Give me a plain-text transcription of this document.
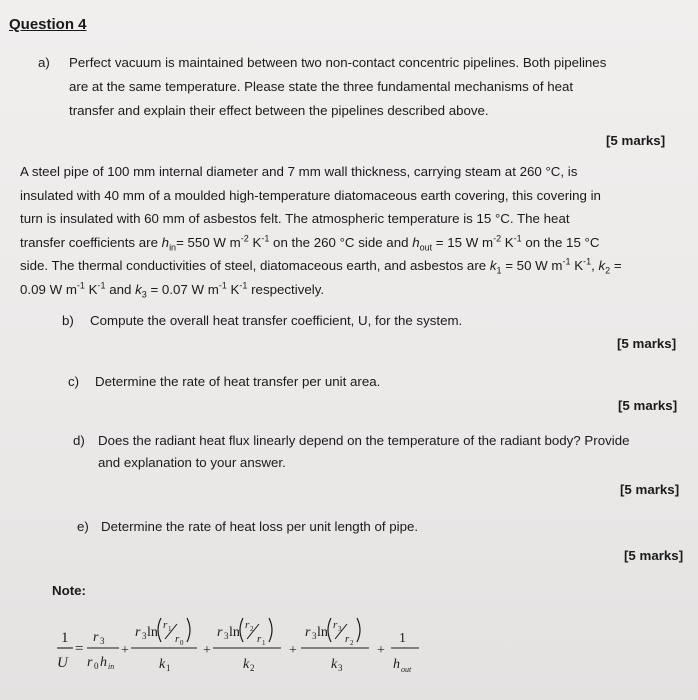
Question 4
a) Perfect vacuum is maintained between two non-contact concentric pipelines. Both pipelines
are at the same temperature. Please state the three fundamental mechanisms of heat
transfer and explain their effect between the pipelines described above.
[5 marks]
A steel pipe of 100 mm internal diameter and 7 mm wall thickness, carrying steam at 260 °C, is
insulated with 40 mm of a moulded high-temperature diatomaceous earth covering, this covering in
turn is insulated with 60 mm of asbestos felt. The atmospheric temperature is 15 °C. The heat
transfer coefficients are $h_{in}= 550$ W $m^{-2}$ $K^{-1}$ on the 260 °C side and $h_{out} = 15$ W $m^{-2}$ $K^{-1}$ on the 15 °C
side. The thermal conductivities of steel, diatomaceous earth, and asbestos are $k_1 = 50$ W $m^{-1}$ $K^{-1}$, $k_2$ =
0.09 W $m^{-1}$ $K^{-1}$ and $k_3 = 0.07$ W $m^{-1}$ $K^{-1}$ respectively.
b) Compute the overall heat transfer coefficient, U, for the system.
[5 marks]
c) Determine the rate of heat transfer per unit area.
[5 marks]
d) Does the radiant heat flux linearly depend on the temperature of the radiant body? Provide
and explanation to your answer.
[5 marks]
e) Determine the rate of heat loss per unit length of pipe.
[5 marks]
Note:
1
U
=
r 3
r 0 h in
+
r 3 ln r 1
r 0
k 1
+
r 3 ln r 2
r 1
k 2
+
r 3 ln r 3
r 2
k 3
+
1
h out
